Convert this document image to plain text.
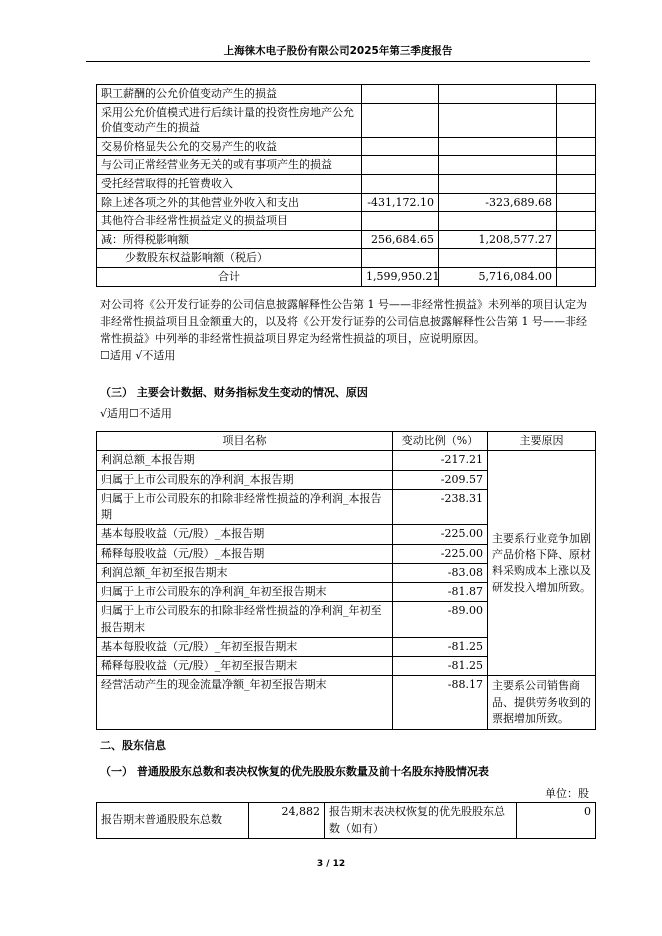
上海徕木电子股份有限公司2025年第三季度报告
职工薪酬的公允价值变动产生的损益			
采用公允价值模式进行后续计量的投资性房地产公允价值变动产生的损益			
交易价格显失公允的交易产生的收益			
与公司正常经营业务无关的或有事项产生的损益			
受托经营取得的托管费收入			
除上述各项之外的其他营业外收入和支出	-431,172.10	-323,689.68	
其他符合非经常性损益定义的损益项目			
减：所得税影响额	256,684.65	1,208,577.27	
少数股东权益影响额（税后）			
合计	1,599,950.21	5,716,084.00	
对公司将《公开发行证券的公司信息披露解释性公告第 1 号——非经常性损益》未列举的项目认定为非经常性损益项目且金额重大的，以及将《公开发行证券的公司信息披露解释性公告第 1 号——非经常性损益》中列举的非经常性损益项目界定为经常性损益的项目，应说明原因。
☐适用 √不适用
（三） 主要会计数据、财务指标发生变动的情况、原因
√适用☐不适用
项目名称	变动比例（%）	主要原因
利润总额_本报告期	-217.21	主要系行业竞争加剧产品价格下降、原材料采购成本上涨以及研发投入增加所致。
归属于上市公司股东的净利润_本报告期	-209.57	
归属于上市公司股东的扣除非经常性损益的净利润_本报告期	-238.31	
基本每股收益（元/股）_本报告期	-225.00	
稀释每股收益（元/股）_本报告期	-225.00	
利润总额_年初至报告期末	-83.08	
归属于上市公司股东的净利润_年初至报告期末	-81.87	
归属于上市公司股东的扣除非经常性损益的净利润_年初至报告期末	-89.00	
基本每股收益（元/股）_年初至报告期末	-81.25	
稀释每股收益（元/股）_年初至报告期末	-81.25	
经营活动产生的现金流量净额_年初至报告期末	-88.17	主要系公司销售商品、提供劳务收到的票据增加所致。
二、股东信息
（一） 普通股股东总数和表决权恢复的优先股股东数量及前十名股东持股情况表
单位：股
报告期末普通股股东总数	24,882	报告期末表决权恢复的优先股股东总数（如有）	0
3 / 12
